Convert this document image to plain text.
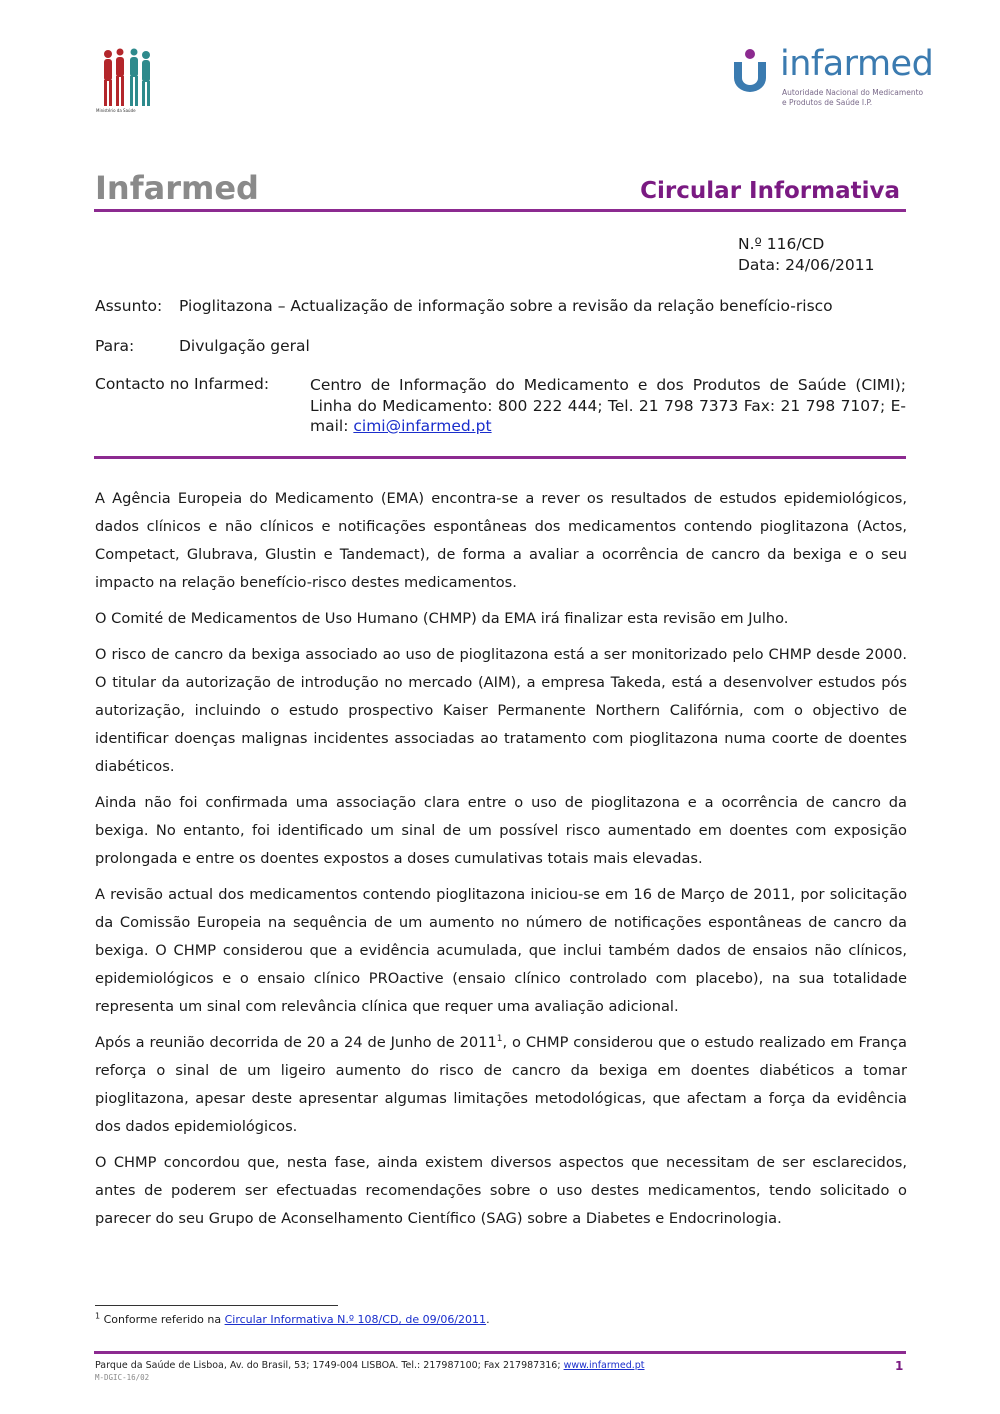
Ministério da Saúde
infarmed
Autoridade Nacional do Medicamento
e Produtos de Saúde I.P.
Infarmed	Circular Informativa
N.º 116/CD
Data: 24/06/2011
Assunto: Pioglitazona – Actualização de informação sobre a revisão da relação benefício-risco
Para:	Divulgação geral
Contacto no Infarmed:	Centro de Informação do Medicamento e dos Produtos de Saúde (CIMI); Linha do Medicamento: 800 222 444; Tel. 21 798 7373 Fax: 21 798 7107; E-mail: cimi@infarmed.pt

A Agência Europeia do Medicamento (EMA) encontra-se a rever os resultados de estudos epidemiológicos, dados clínicos e não clínicos e notificações espontâneas dos medicamentos contendo pioglitazona (Actos, Competact, Glubrava, Glustin e Tandemact), de forma a avaliar a ocorrência de cancro da bexiga e o seu impacto na relação benefício-risco destes medicamentos.

O Comité de Medicamentos de Uso Humano (CHMP) da EMA irá finalizar esta revisão em Julho.

O risco de cancro da bexiga associado ao uso de pioglitazona está a ser monitorizado pelo CHMP desde 2000. O titular da autorização de introdução no mercado (AIM), a empresa Takeda, está a desenvolver estudos pós autorização, incluindo o estudo prospectivo Kaiser Permanente Northern Califórnia, com o objectivo de identificar doenças malignas incidentes associadas ao tratamento com pioglitazona numa coorte de doentes diabéticos.

Ainda não foi confirmada uma associação clara entre o uso de pioglitazona e a ocorrência de cancro da bexiga. No entanto, foi identificado um sinal de um possível risco aumentado em doentes com exposição prolongada e entre os doentes expostos a doses cumulativas totais mais elevadas.

A revisão actual dos medicamentos contendo pioglitazona iniciou-se em 16 de Março de 2011, por solicitação da Comissão Europeia na sequência de um aumento no número de notificações espontâneas de cancro da bexiga. O CHMP considerou que a evidência acumulada, que inclui também dados de ensaios não clínicos, epidemiológicos e o ensaio clínico PROactive (ensaio clínico controlado com placebo), na sua totalidade representa um sinal com relevância clínica que requer uma avaliação adicional.

Após a reunião decorrida de 20 a 24 de Junho de 2011$^1$, o CHMP considerou que o estudo realizado em França reforça o sinal de um ligeiro aumento do risco de cancro da bexiga em doentes diabéticos a tomar pioglitazona, apesar deste apresentar algumas limitações metodológicas, que afectam a força da evidência dos dados epidemiológicos.

O CHMP concordou que, nesta fase, ainda existem diversos aspectos que necessitam de ser esclarecidos, antes de poderem ser efectuadas recomendações sobre o uso destes medicamentos, tendo solicitado o parecer do seu Grupo de Aconselhamento Científico (SAG) sobre a Diabetes e Endocrinologia.

$^1$ Conforme referido na Circular Informativa N.º 108/CD, de 09/06/2011.
Parque da Saúde de Lisboa, Av. do Brasil, 53; 1749-004 LISBOA. Tel.: 217987100; Fax 217987316; www.infarmed.pt
M-DGIC-16/02
1
